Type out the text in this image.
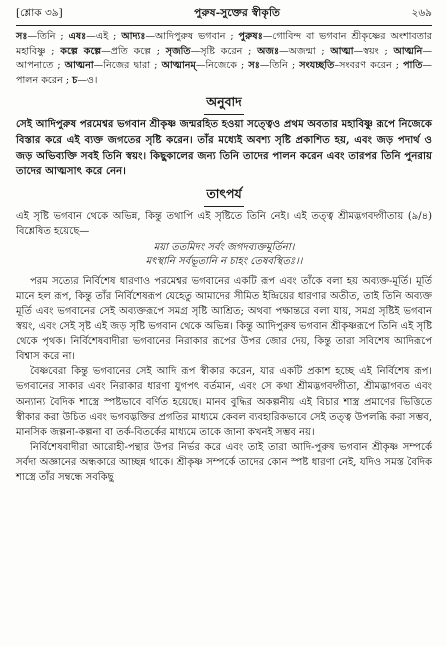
[শ্লোক ৩৯]	পুরুষ-সুক্তের স্বীকৃতি	২৬৯

সঃ—তিনি ; এষঃ—এই ; আদ্যঃ—আদিপুরুষ ভগবান ; পুরুষঃ—গোবিন্দ বা ভগবান শ্রীকৃষ্ণের অংশাবতার মহাবিষ্ণু ; কল্পে কল্পে—প্রতি কল্পে ; সৃজতি—সৃষ্টি করেন ; অজঃ—অজন্মা ; আত্মা—স্বয়ং ; আত্মনি—আপনাতে ; আত্মনা—নিজের দ্বারা ; আত্মানম্—নিজেকে ; সঃ—তিনি ; সংযচ্ছতি–সংবরণ করেন ; পাতি—পালন করেন ; চ—ও।

অনুবাদ

সেই আদিপুরুষ পরমেশ্বর ভগবান শ্রীকৃষ্ণ জন্মরহিত হওয়া সত্ত্বেও প্রথম অবতার মহাবিষ্ণু রূপে নিজেকে বিস্তার করে এই ব্যক্ত জগতের সৃষ্টি করেন। তাঁর মধ্যেই অবশ্য সৃষ্টি প্রকাশিত হয়, এবং জড় পদার্থ ও জড় অভিব্যক্তি সবই তিনি স্বয়ং। কিছুকালের জন্য তিনি তাদের পালন করেন এবং তারপর তিনি পুনরায় তাদের আত্মসাৎ করে নেন।

তাৎপর্য

এই সৃষ্টি ভগবান থেকে অভিন্ন, কিন্তু তথাপি এই সৃষ্টিতে তিনি নেই। এই তত্ত্ব শ্রীমদ্ভগবদ্গীতায় (৯/৪) বিশ্লেষিত হয়েছে—

ময়া ততমিদং সর্বং জগদব্যক্তমূর্তিনা।
মৎস্থানি সর্বভূতানি ন চাহং তেষবস্থিতঃ।।

পরম সত্যের নির্বিশেষ ধারণাও পরমেশ্বর ভগবানের একটি রূপ এবং তাঁকে বলা হয় অব্যক্ত-মূর্তি। মূর্তি মানে হল রূপ, কিন্তু তাঁর নির্বিশেষরূপ যেহেতু আমাদের সীমিত ইন্দ্রিয়ের ধারণার অতীত, তাই তিনি অব্যক্ত মূর্তি এবং ভগবানের সেই অব্যক্তরূপে সমগ্র সৃষ্টি আশ্রিত; অথবা পক্ষান্তরে বলা যায়, সমগ্র সৃষ্টিই ভগবান স্বয়ং, এবং সেই সৃষ্ট এই জড় সৃষ্টি ভগবান থেকে অভিন্ন। কিন্তু আদিপুরুষ ভগবান শ্রীকৃষ্ণরূপে তিনি এই সৃষ্টি থেকে পৃথক। নির্বিশেষবাদীরা ভগবানের নিরাকার রূপের উপর জোর দেয়, কিন্তু তারা সবিশেষ আদিরূপে বিশ্বাস করে না।

বৈষ্ণবেরা কিন্তু ভগবানের সেই আদি রূপ স্বীকার করেন, যার একটি প্রকাশ হচ্ছে এই নির্বিশেষ রূপ। ভগবানের সাকার এবং নিরাকার ধারণা যুগপৎ বর্তমান, এবং সে কথা শ্রীমদ্ভগবদ্গীতা, শ্রীমদ্ভাগবত এবং অন্যান্য বৈদিক শাস্ত্রে স্পষ্টভাবে বর্ণিত হয়েছে। মানব বুদ্ধির অকল্পনীয় এই বিচার শাস্ত্র প্রমাণের ভিত্তিতে স্বীকার করা উচিত এবং ভগবদ্ভক্তির প্রগতির মাধ্যমে কেবল ব্যবহারিকভাবে সেই তত্ত্ব উপলব্ধি করা সম্ভব, মানসিক জল্পনা-কল্পনা বা তর্ক-বিতর্কের মাধ্যমে তাকে জানা কখনই সম্ভব নয়।

নির্বিশেষবাদীরা আরোহী-পন্থার উপর নির্ভর করে এবং তাই তারা আদি-পুরুষ ভগবান শ্রীকৃষ্ণ সম্পর্কে সর্বদা অজ্ঞানের অন্ধকারে আচ্ছন্ন থাকে। শ্রীকৃষ্ণ সম্পর্কে তাদের কোন স্পষ্ট ধারণা নেই, যদিও সমস্ত বৈদিক শাস্ত্রে তাঁর সম্বন্ধে সবকিছু
